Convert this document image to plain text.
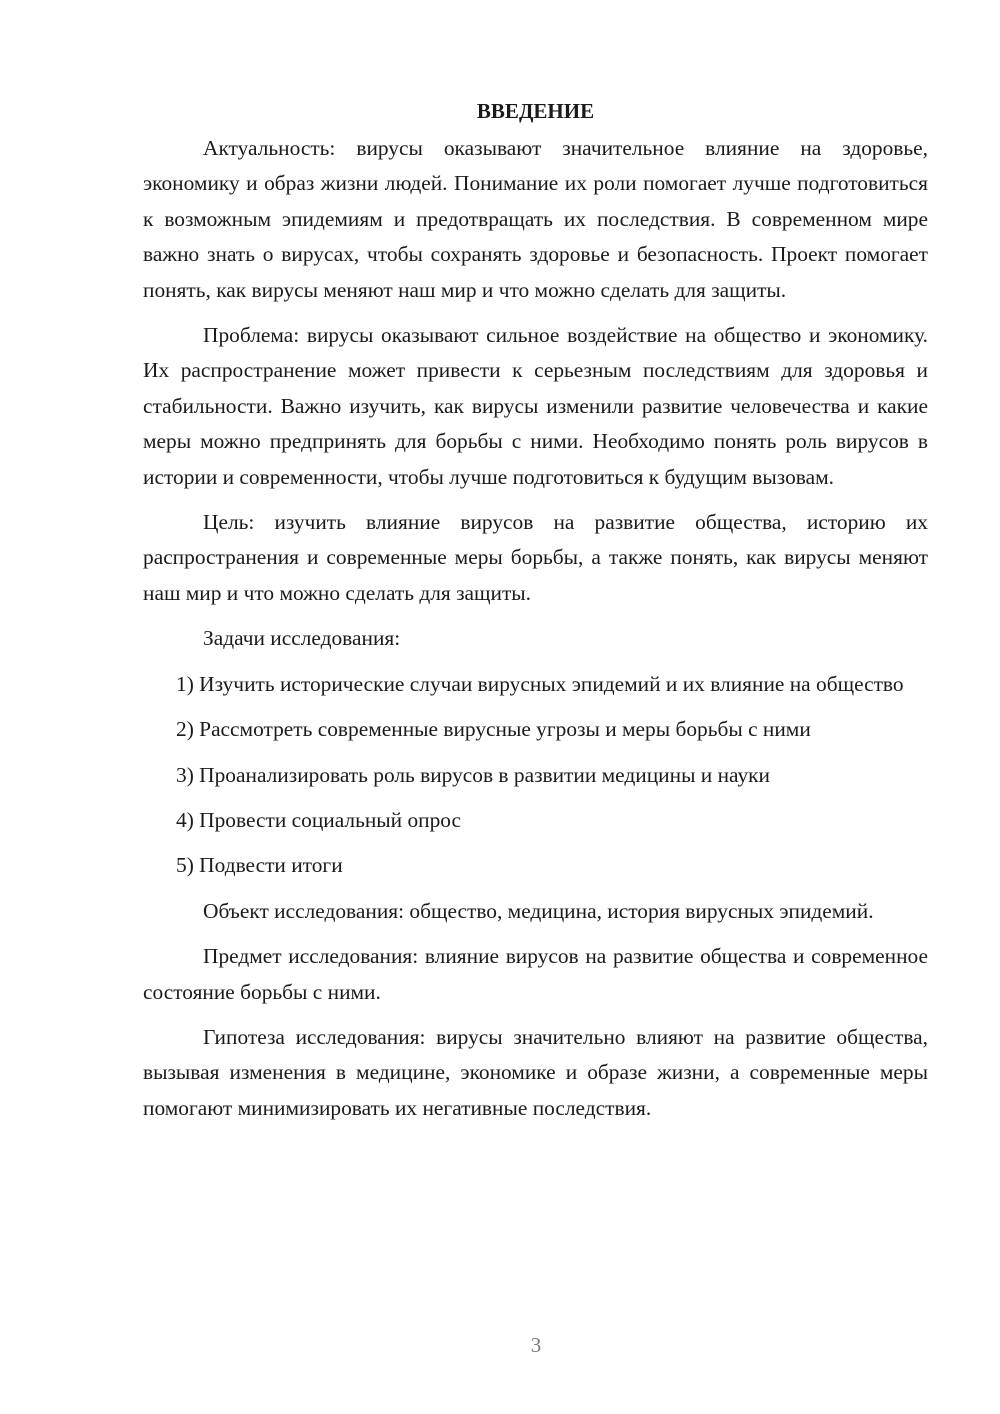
ВВЕДЕНИЕ

Актуальность: вирусы оказывают значительное влияние на здоровье, экономику и образ жизни людей. Понимание их роли помогает лучше подготовиться к возможным эпидемиям и предотвращать их последствия. В современном мире важно знать о вирусах, чтобы сохранять здоровье и безопасность. Проект помогает понять, как вирусы меняют наш мир и что можно сделать для защиты.

Проблема: вирусы оказывают сильное воздействие на общество и экономику. Их распространение может привести к серьезным последствиям для здоровья и стабильности. Важно изучить, как вирусы изменили развитие человечества и какие меры можно предпринять для борьбы с ними. Необходимо понять роль вирусов в истории и современности, чтобы лучше подготовиться к будущим вызовам.

Цель: изучить влияние вирусов на развитие общества, историю их распространения и современные меры борьбы, а также понять, как вирусы меняют наш мир и что можно сделать для защиты.

Задачи исследования:

1) Изучить исторические случаи вирусных эпидемий и их влияние на общество

2) Рассмотреть современные вирусные угрозы и меры борьбы с ними

3) Проанализировать роль вирусов в развитии медицины и науки

4) Провести социальный опрос

5) Подвести итоги

Объект исследования: общество, медицина, история вирусных эпидемий.

Предмет исследования: влияние вирусов на развитие общества и современное состояние борьбы с ними.

Гипотеза исследования: вирусы значительно влияют на развитие общества, вызывая изменения в медицине, экономике и образе жизни, а современные меры помогают минимизировать их негативные последствия.

3
